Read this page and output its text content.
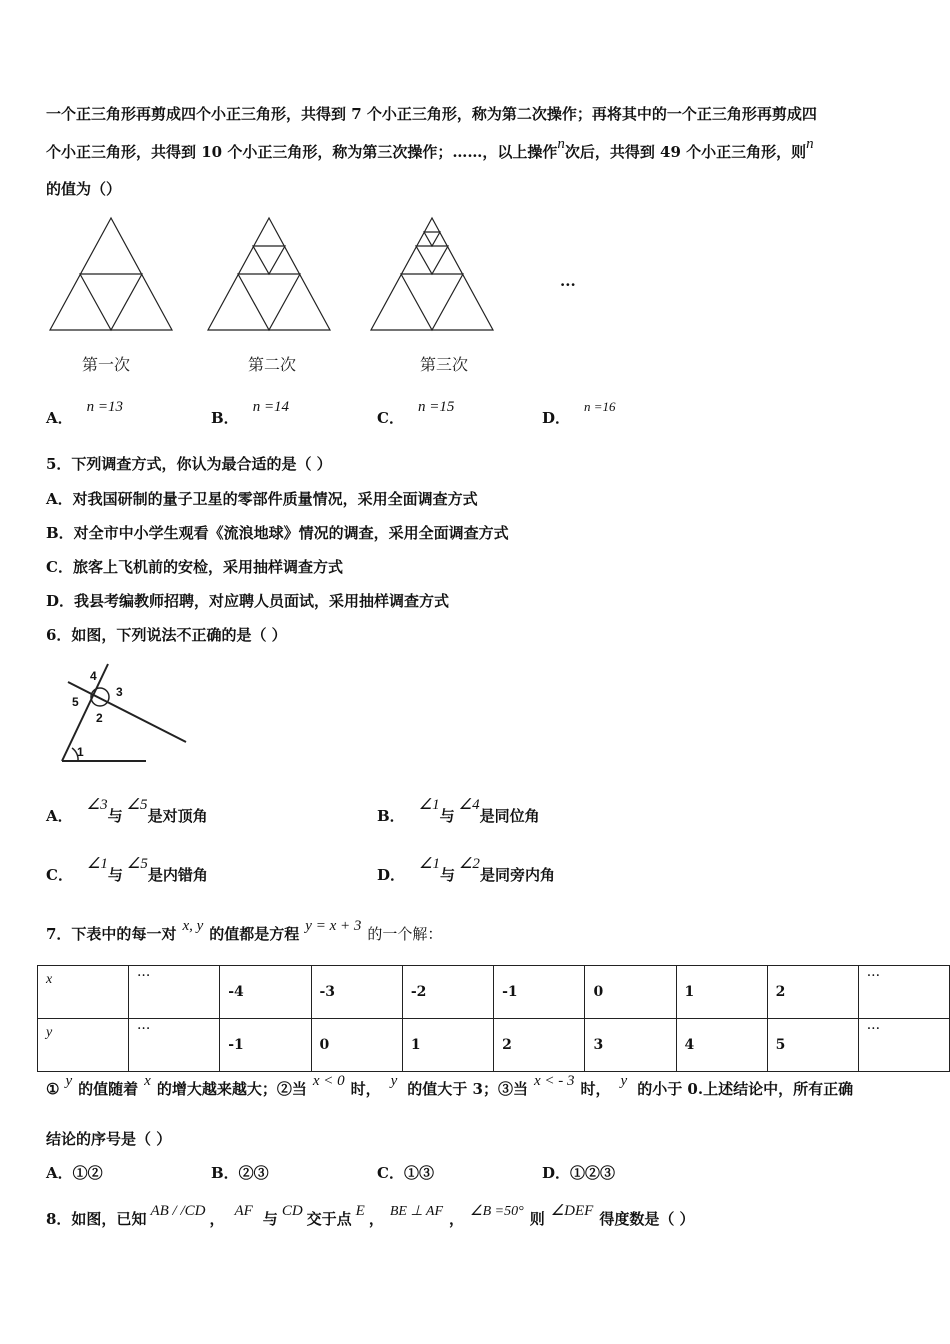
一个正三角形再剪成四个小正三角形，共得到 7 个小正三角形，称为第二次操作；再将其中的一个正三角形再剪成四
个小正三角形，共得到 10 个小正三角形，称为第三次操作；……，以上操作n次后，共得到 49 个小正三角形，则n
的值为（）
...
第一次	第二次	第三次
A．n =13
B．n =14
C．n =15
D．n =16
5．下列调查方式，你认为最合适的是（ ）
A．对我国研制的量子卫星的零部件质量情况，采用全面调查方式
B．对全市中小学生观看《流浪地球》情况的调查，采用全面调查方式
C．旅客上飞机前的安检，采用抽样调查方式
D．我县考编教师招聘，对应聘人员面试，采用抽样调查方式
6．如图，下列说法不正确的是（ ）
4
3
5
2
1
A．∠3与∠5是对顶角	B．∠1与∠4是同位角
C．∠1与∠5是内错角	D．∠1与∠2是同旁内角
7．下表中的每一对 x, y 的值都是方程 y = x + 3 的一个解：
x	···	-4	-3	-2	-1	0	1	2	···
y	···	-1	0	1	2	3	4	5	···
① y 的值随着 x 的增大越来越大；②当 x < 0 时， y 的值大于 3；③当 x < - 3 时， y 的小于 0.上述结论中，所有正确
结论的序号是（ ）
A．①②	B．②③	C．①③	D．①②③
8．如图，已知 AB / /CD ， AF 与 CD 交于点 E ， BE ⊥ AF ， ∠B =50° 则 ∠DEF 得度数是（ ）
